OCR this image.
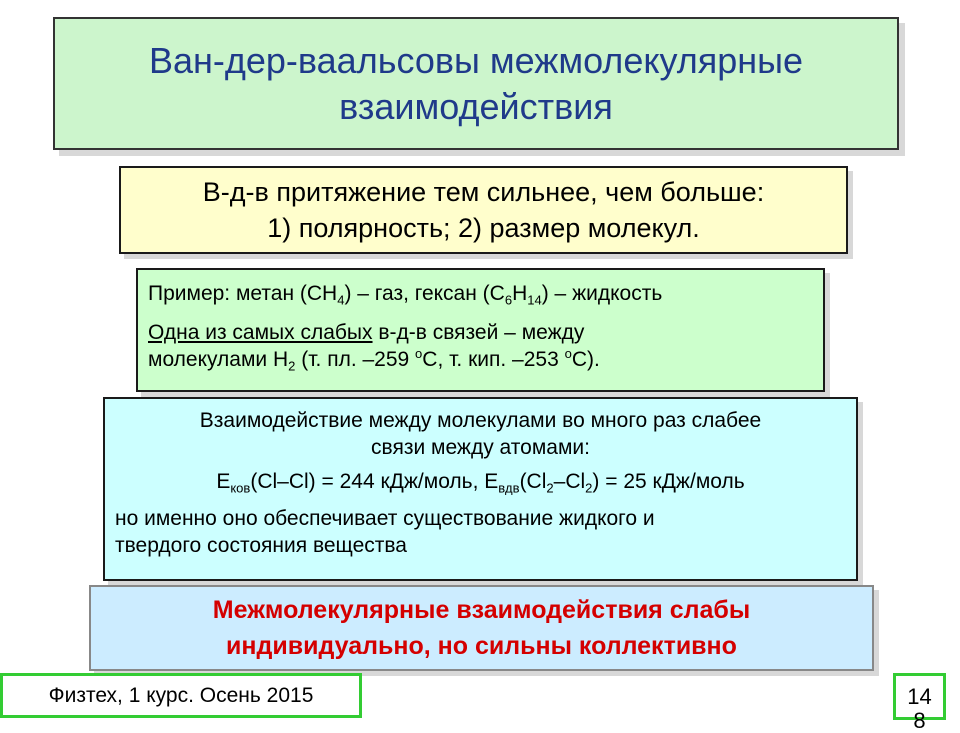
Ван-дер-ваальсовы межмолекулярные
взаимодействия
В-д-в притяжение тем сильнее, чем больше:
1) полярность; 2) размер молекул.
Пример: метан $(CH_4)$ – газ, гексан $(C_6H_{14})$ – жидкость
Одна из самых слабых в-д-в связей – между
молекулами $H_2$ (т. пл. –259 $^о$С, т. кип. –253 $^о$С).
Взаимодействие между молекулами во много раз слабее
связи между атомами:
$E_{ков}(Cl-Cl) = 244$ кДж/моль, $E_{вдв}(Cl_2-Cl_2) = 25$ кДж/моль
но именно оно обеспечивает существование жидкого и
твердого состояния вещества
Межмолекулярные взаимодействия слабы
индивидуально, но сильны коллективно
Физтех, 1 курс. Осень 2015	14
8
